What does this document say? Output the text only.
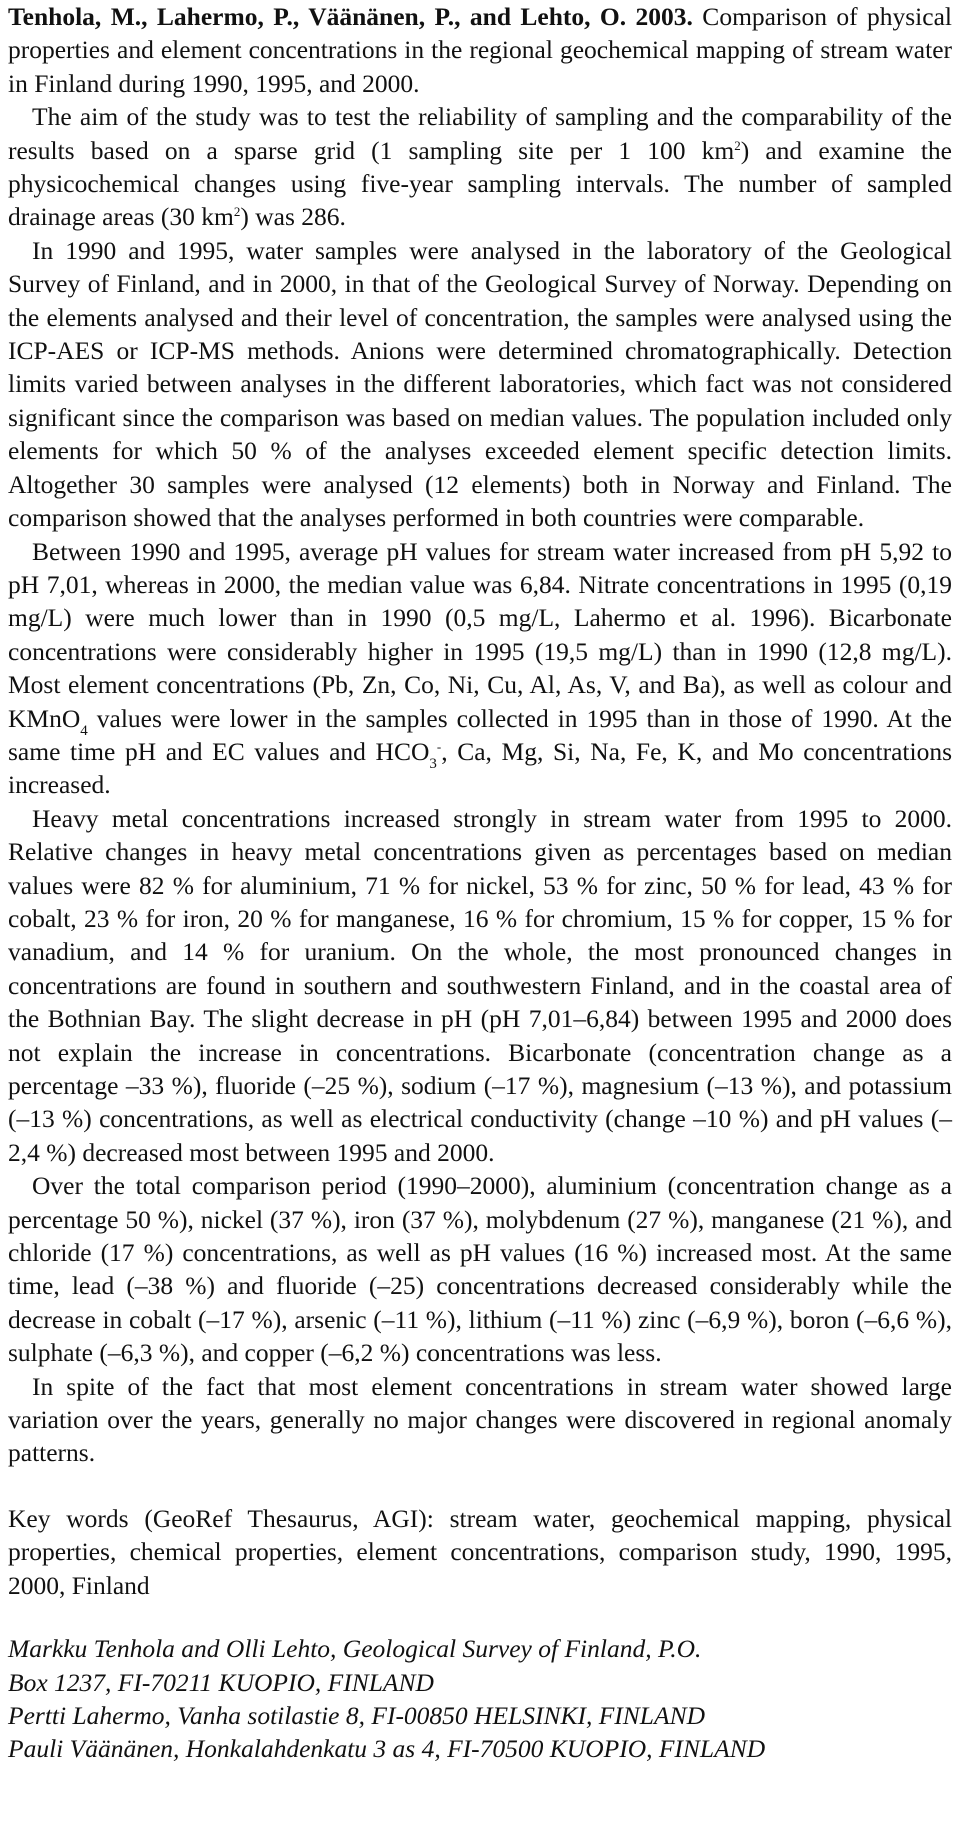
Tenhola, M., Lahermo, P., Väänänen, P., and Lehto, O. 2003. Comparison of physical properties and element concentrations in the regional geochemical mapping of stream water in Finland during 1990, 1995, and 2000.

The aim of the study was to test the reliability of sampling and the comparability of the results based on a sparse grid (1 sampling site per 1 100 $km^2$) and examine the physicochemical changes using five-year sampling intervals. The number of sampled drainage areas (30 $km^2$) was 286.

In 1990 and 1995, water samples were analysed in the laboratory of the Geological Survey of Finland, and in 2000, in that of the Geological Survey of Norway. Depending on the elements analysed and their level of concentration, the samples were analysed using the ICP-AES or ICP-MS methods. Anions were determined chromatographically. Detection limits varied between analyses in the different laboratories, which fact was not considered significant since the comparison was based on median values. The population included only elements for which 50 % of the analyses exceeded element specific detection limits. Altogether 30 samples were analysed (12 elements) both in Norway and Finland. The comparison showed that the analyses performed in both countries were comparable.

Between 1990 and 1995, average pH values for stream water increased from pH 5,92 to pH 7,01, whereas in 2000, the median value was 6,84. Nitrate concentrations in 1995 (0,19 mg/L) were much lower than in 1990 (0,5 mg/L, Lahermo et al. 1996). Bicarbonate concentrations were considerably higher in 1995 (19,5 mg/L) than in 1990 (12,8 mg/L). Most element concentrations (Pb, Zn, Co, Ni, Cu, Al, As, V, and Ba), as well as colour and KMnO$_4$ values were lower in the samples collected in 1995 than in those of 1990. At the same time pH and EC values and $HCO_3^-$, Ca, Mg, Si, Na, Fe, K, and Mo concentrations increased.

Heavy metal concentrations increased strongly in stream water from 1995 to 2000. Relative changes in heavy metal concentrations given as percentages based on median values were 82 % for aluminium, 71 % for nickel, 53 % for zinc, 50 % for lead, 43 % for cobalt, 23 % for iron, 20 % for manganese, 16 % for chromium, 15 % for copper, 15 % for vanadium, and 14 % for uranium. On the whole, the most pronounced changes in concentrations are found in southern and southwestern Finland, and in the coastal area of the Bothnian Bay. The slight decrease in pH (pH 7,01–6,84) between 1995 and 2000 does not explain the increase in concentrations. Bicarbonate (concentration change as a percentage –33 %), fluoride (–25 %), sodium (–17 %), magnesium (–13 %), and potassium (–13 %) concentrations, as well as electrical conductivity (change –10 %) and pH values (–2,4 %) decreased most between 1995 and 2000.

Over the total comparison period (1990–2000), aluminium (concentration change as a percentage 50 %), nickel (37 %), iron (37 %), molybdenum (27 %), manganese (21 %), and chloride (17 %) concentrations, as well as pH values (16 %) increased most. At the same time, lead (–38 %) and fluoride (–25) concentrations decreased considerably while the decrease in cobalt (–17 %), arsenic (–11 %), lithium (–11 %) zinc (–6,9 %), boron (–6,6 %), sulphate (–6,3 %), and copper (–6,2 %) concentrations was less.

In spite of the fact that most element concentrations in stream water showed large variation over the years, generally no major changes were discovered in regional anomaly patterns.

Key words (GeoRef Thesaurus, AGI): stream water, geochemical mapping, physical properties, chemical properties, element concentrations, comparison study, 1990, 1995, 2000, Finland

Markku Tenhola and Olli Lehto, Geological Survey of Finland, P.O.
Box 1237, FI-70211 KUOPIO, FINLAND
Pertti Lahermo, Vanha sotilastie 8, FI-00850 HELSINKI, FINLAND
Pauli Väänänen, Honkalahdenkatu 3 as 4, FI-70500 KUOPIO, FINLAND
